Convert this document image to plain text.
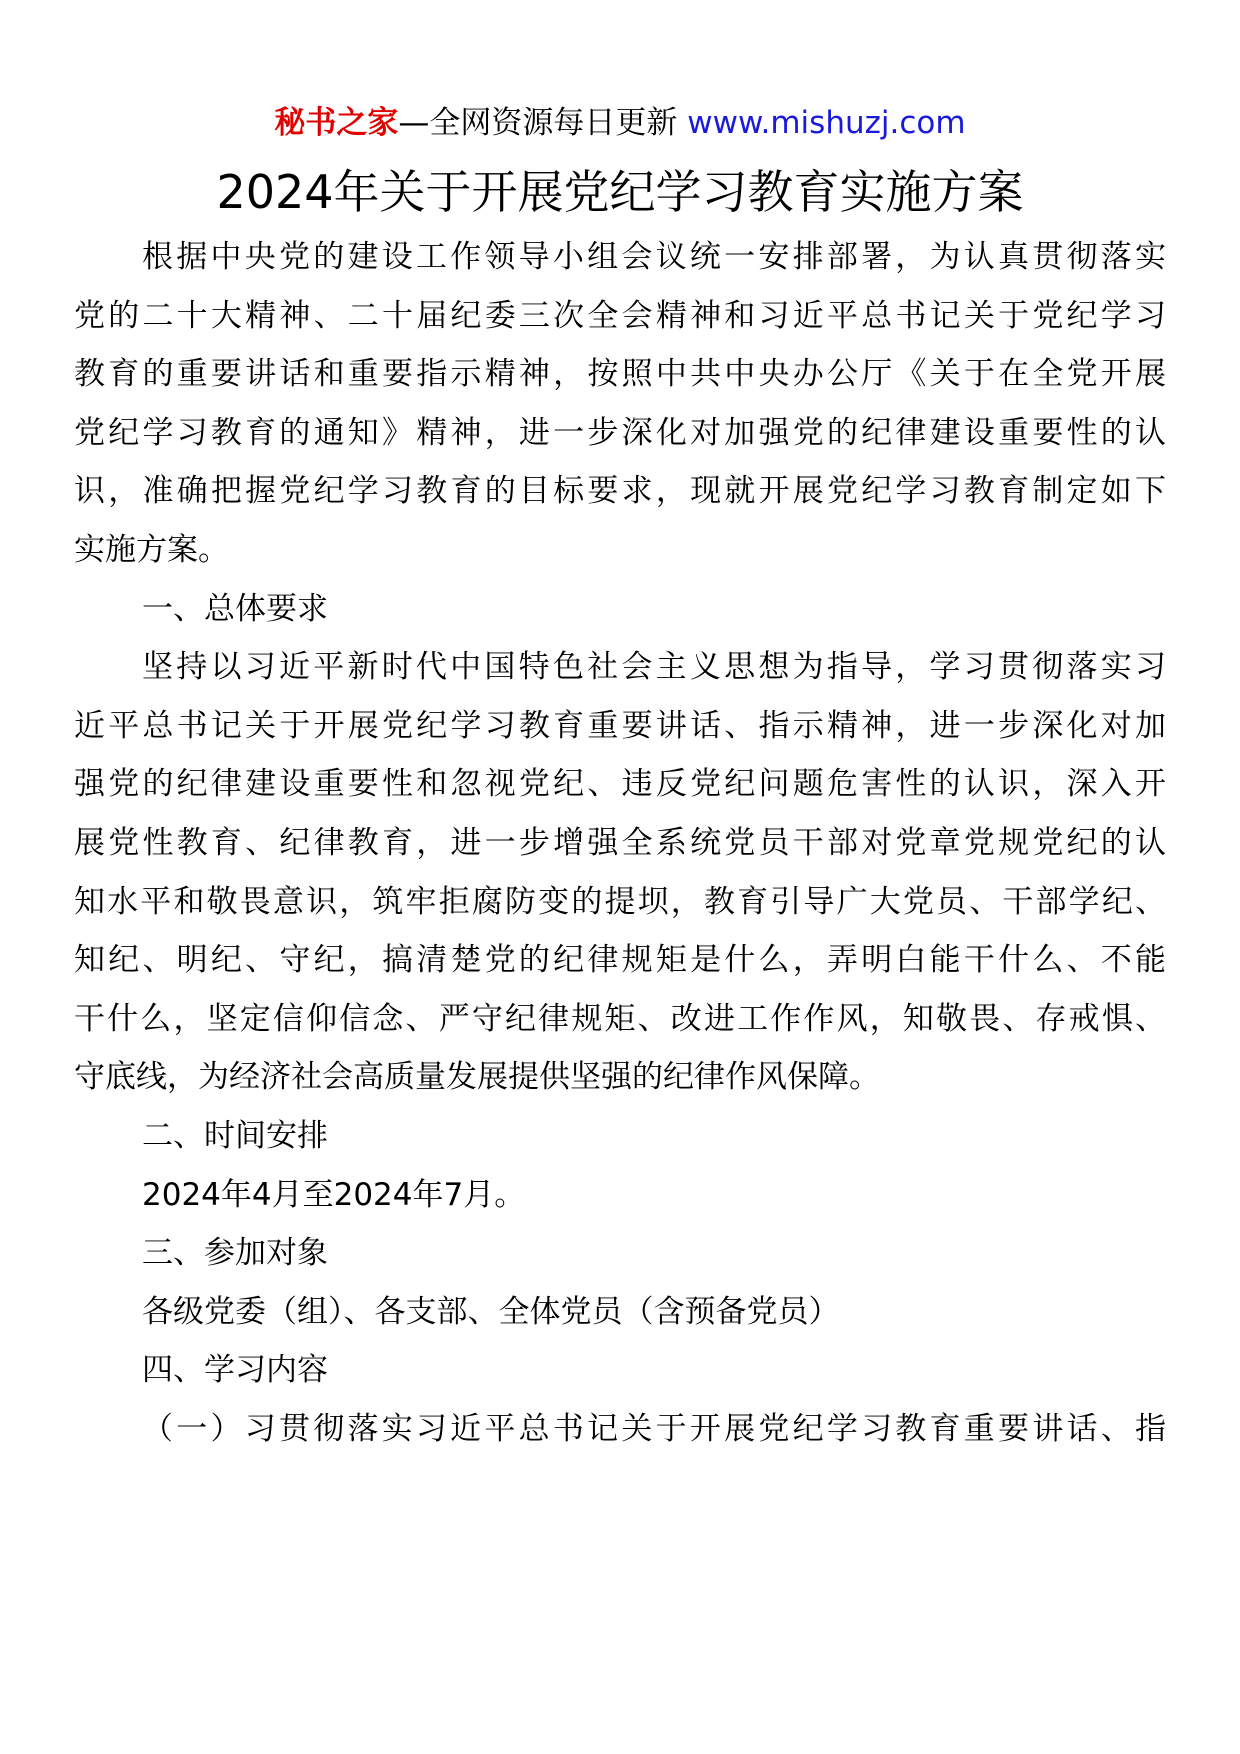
秘书之家—全网资源每日更新 www.mishuzj.com
2024年关于开展党纪学习教育实施方案
根据中央党的建设工作领导小组会议统一安排部署，为认真贯彻落实
党的二十大精神、二十届纪委三次全会精神和习近平总书记关于党纪学习
教育的重要讲话和重要指示精神，按照中共中央办公厅《关于在全党开展
党纪学习教育的通知》精神，进一步深化对加强党的纪律建设重要性的认
识，准确把握党纪学习教育的目标要求，现就开展党纪学习教育制定如下
实施方案。
一、总体要求
坚持以习近平新时代中国特色社会主义思想为指导，学习贯彻落实习
近平总书记关于开展党纪学习教育重要讲话、指示精神，进一步深化对加
强党的纪律建设重要性和忽视党纪、违反党纪问题危害性的认识，深入开
展党性教育、纪律教育，进一步增强全系统党员干部对党章党规党纪的认
知水平和敬畏意识，筑牢拒腐防变的提坝，教育引导广大党员、干部学纪、
知纪、明纪、守纪，搞清楚党的纪律规矩是什么，弄明白能干什么、不能
干什么，坚定信仰信念、严守纪律规矩、改进工作作风，知敬畏、存戒惧、
守底线，为经济社会高质量发展提供坚强的纪律作风保障。
二、时间安排
2024年4月至2024年7月。
三、参加对象
各级党委（组）、各支部、全体党员（含预备党员）
四、学习内容
（一）习贯彻落实习近平总书记关于开展党纪学习教育重要讲话、指
